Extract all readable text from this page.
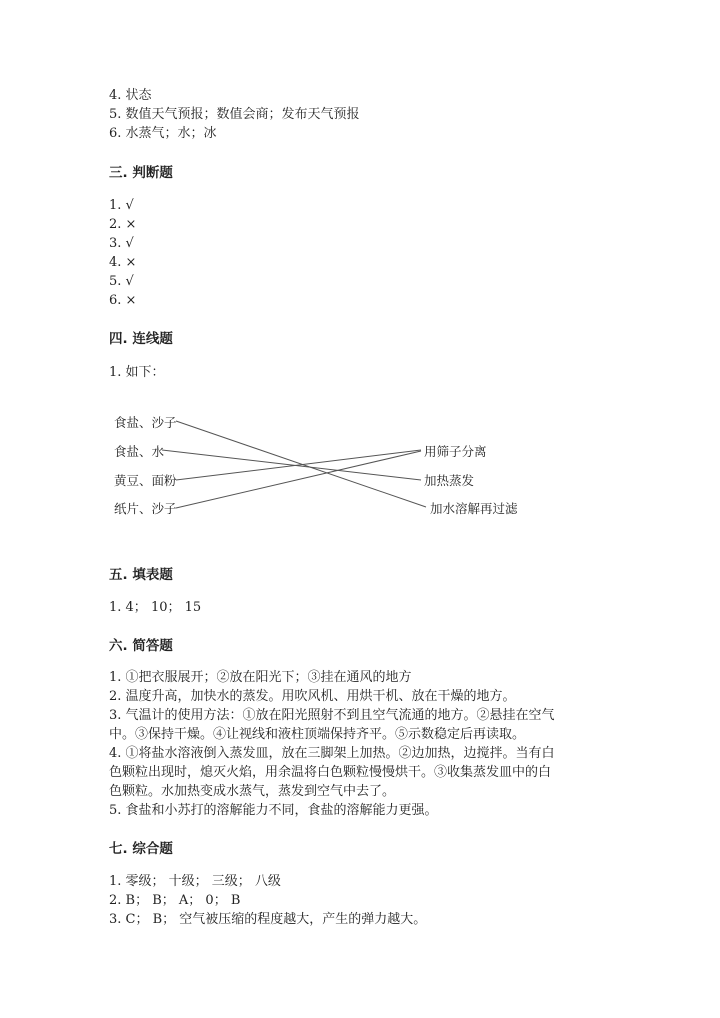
4. 状态
5. 数值天气预报；数值会商；发布天气预报
6. 水蒸气；水；冰
三. 判断题
1. √
2. ×
3. √
4. ×
5. √
6. ×
四. 连线题
1. 如下：
食盐、沙子
食盐、水
黄豆、面粉
纸片、沙子
用筛子分离
加热蒸发
加水溶解再过滤
五. 填表题
1. 4； 10； 15
六. 简答题
1. ①把衣服展开；②放在阳光下；③挂在通风的地方
2. 温度升高，加快水的蒸发。用吹风机、用烘干机、放在干燥的地方。
3. 气温计的使用方法：①放在阳光照射不到且空气流通的地方。②悬挂在空气
中。③保持干燥。④让视线和液柱顶端保持齐平。⑤示数稳定后再读取。
4. ①将盐水溶液倒入蒸发皿，放在三脚架上加热。②边加热，边搅拌。当有白
色颗粒出现时，熄灭火焰，用余温将白色颗粒慢慢烘干。③收集蒸发皿中的白
色颗粒。水加热变成水蒸气，蒸发到空气中去了。
5. 食盐和小苏打的溶解能力不同，食盐的溶解能力更强。
七. 综合题
1. 零级； 十级； 三级； 八级
2. B； B； A； 0； B
3. C； B； 空气被压缩的程度越大，产生的弹力越大。
